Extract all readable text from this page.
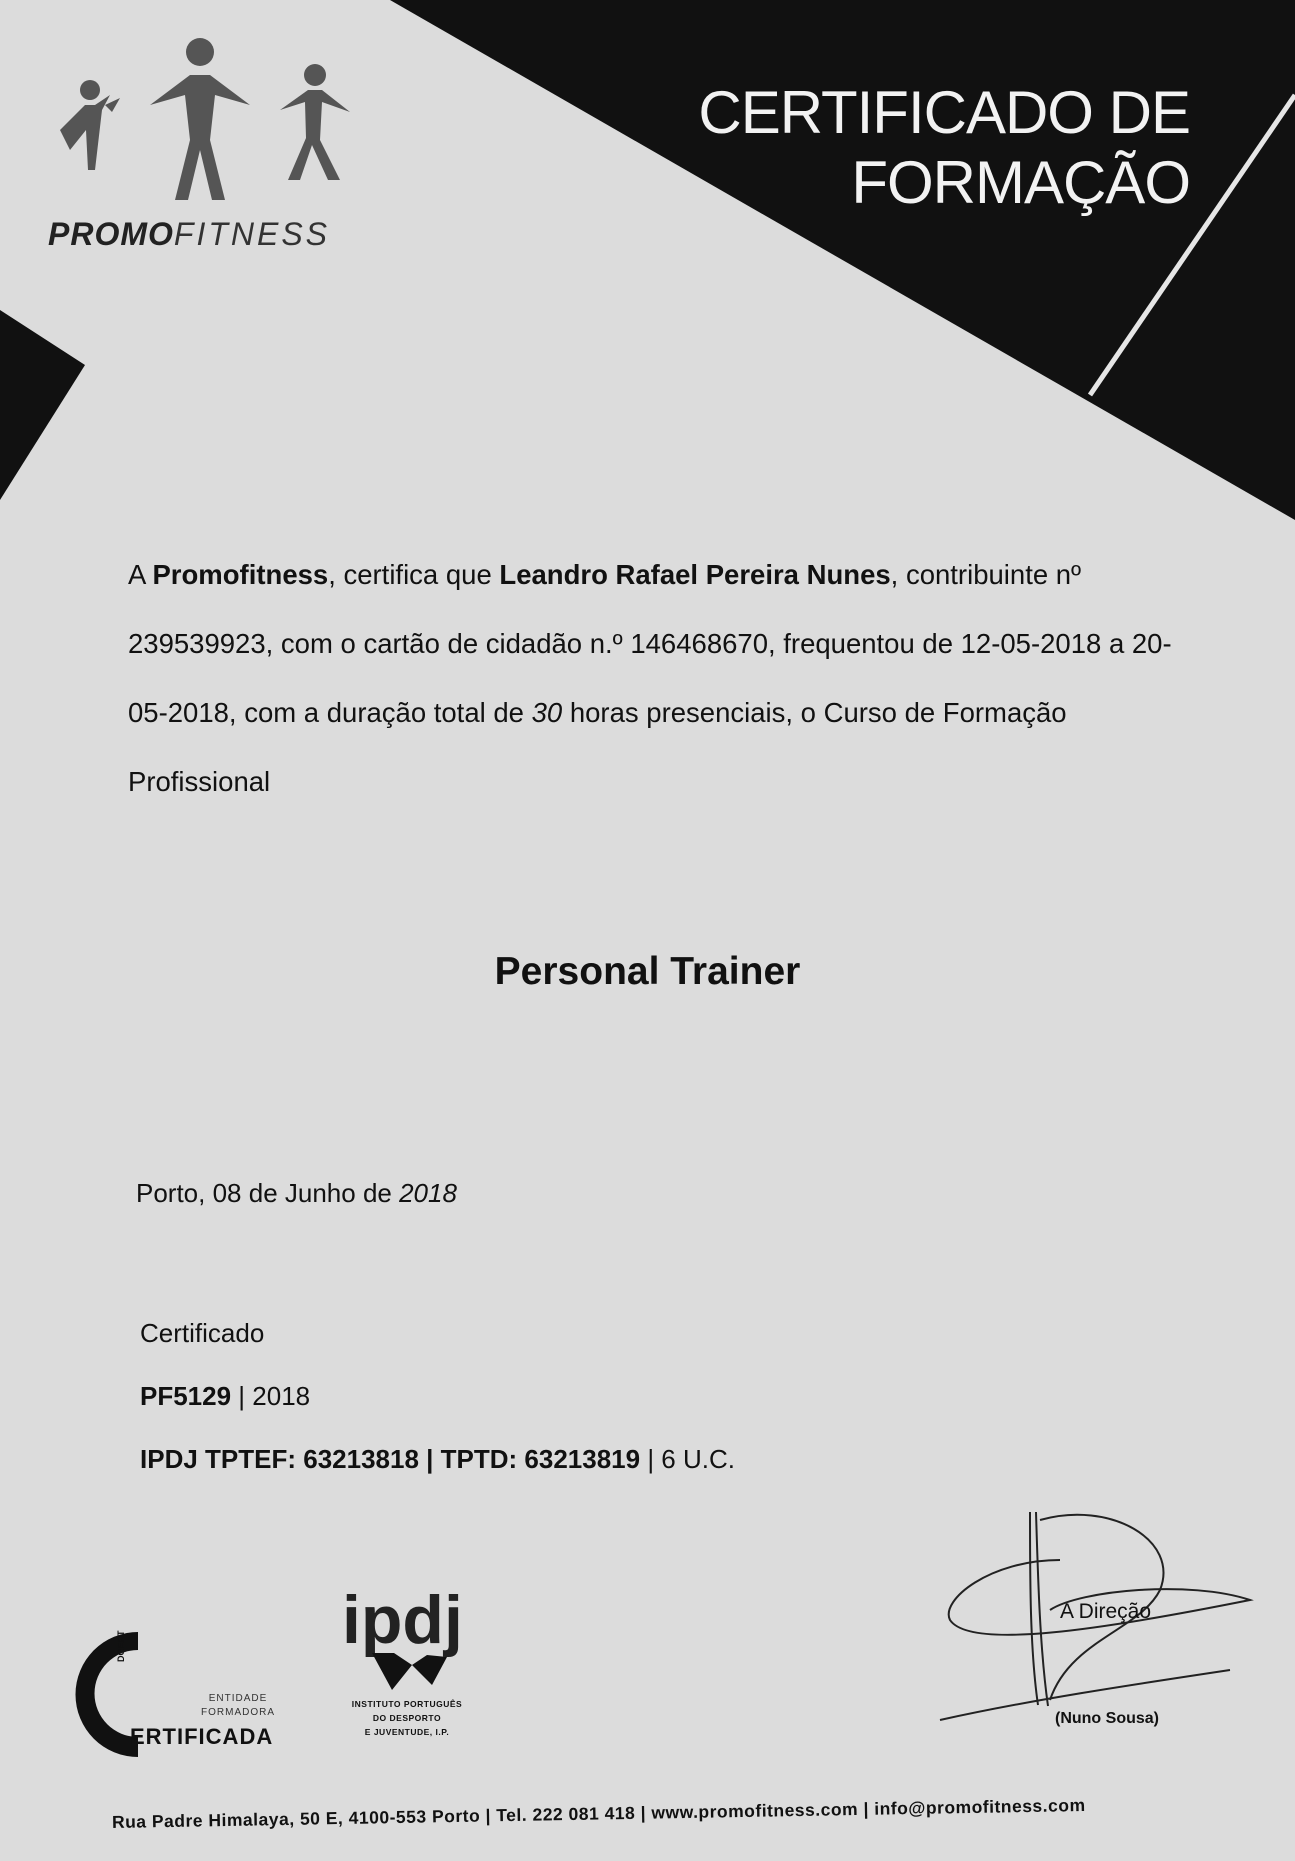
PROMOFITNESS
CERTIFICADO DE
FORMAÇÃO
A Promofitness, certifica que Leandro Rafael Pereira Nunes, contribuinte nº 239539923, com o cartão de cidadão n.º 146468670, frequentou de 12-05-2018 a 20-05-2018, com a duração total de 30 horas presenciais, o Curso de Formação Profissional
Personal Trainer
Porto, 08 de Junho de 2018
Certificado
PF5129 | 2018
IPDJ TPTEF: 63213818 | TPTD: 63213819 | 6 U.C.
DGERT
ENTIDADE FORMADORA
ERTIFICADA
ipdj
INSTITUTO PORTUGUÊS
DO DESPORTO
E JUVENTUDE, I.P.
A Direção
(Nuno Sousa)
Rua Padre Himalaya, 50 E, 4100-553 Porto | Tel. 222 081 418 | www.promofitness.com | info@promofitness.com
